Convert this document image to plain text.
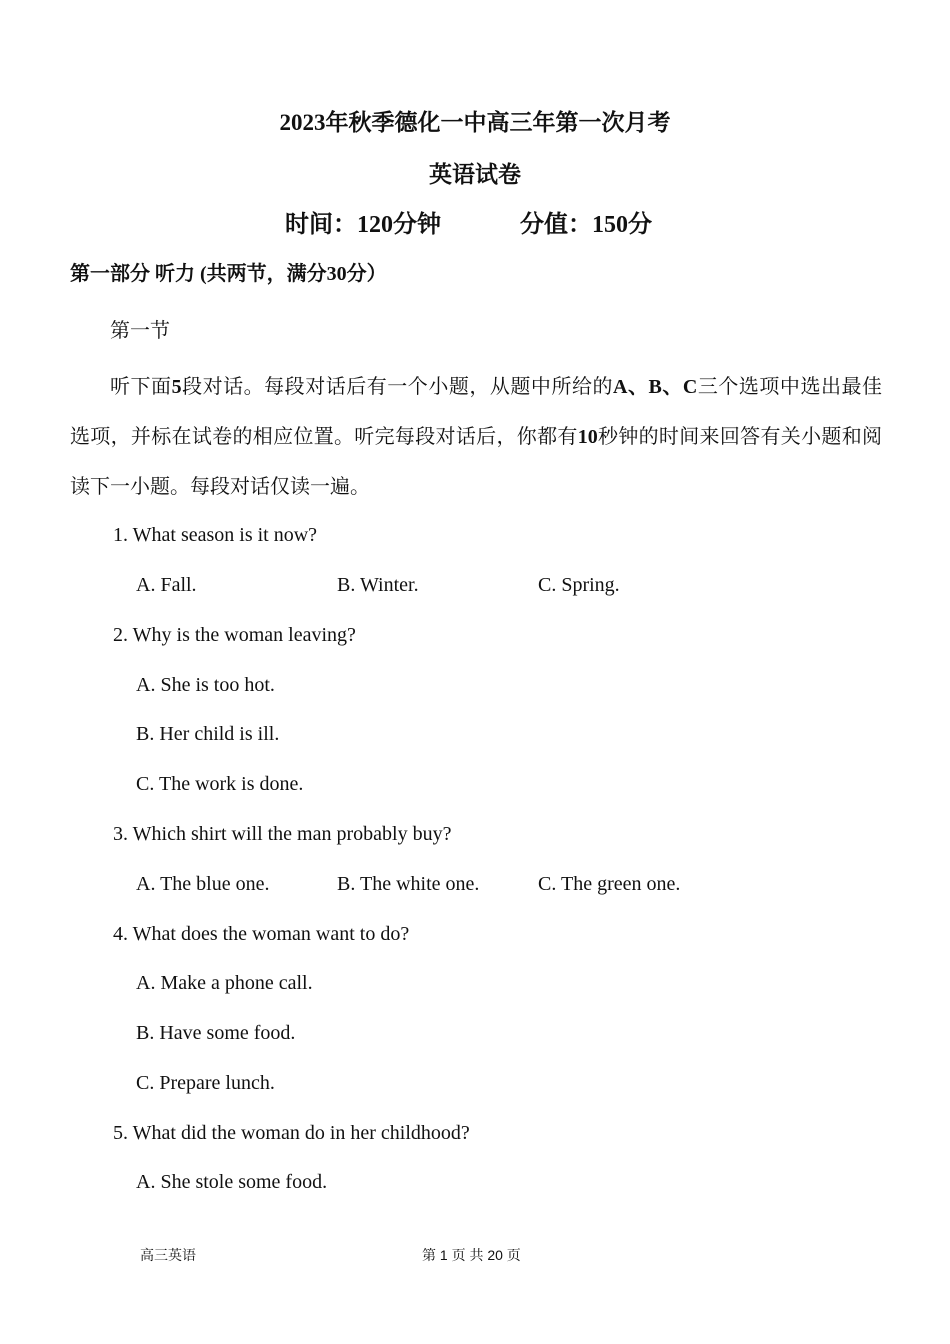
2023年秋季德化一中高三年第一次月考
英语试卷
时间：120分钟	分值：150分
第一部分 听力 (共两节，满分30分）
第一节
听下面5段对话。每段对话后有一个小题，从题中所给的A、B、C三个选项中选出最佳选项，并标在试卷的相应位置。听完每段对话后，你都有10秒钟的时间来回答有关小题和阅读下一小题。每段对话仅读一遍。
1. What season is it now?
A. Fall.	B. Winter.	C. Spring.
2. Why is the woman leaving?
A. She is too hot.
B. Her child is ill.
C. The work is done.
3. Which shirt will the man probably buy?
A. The blue one.	B. The white one.	C. The green one.
4. What does the woman want to do?
A. Make a phone call.
B. Have some food.
C. Prepare lunch.
5. What did the woman do in her childhood?
A. She stole some food.
高三英语	第 1 页 共 20 页
